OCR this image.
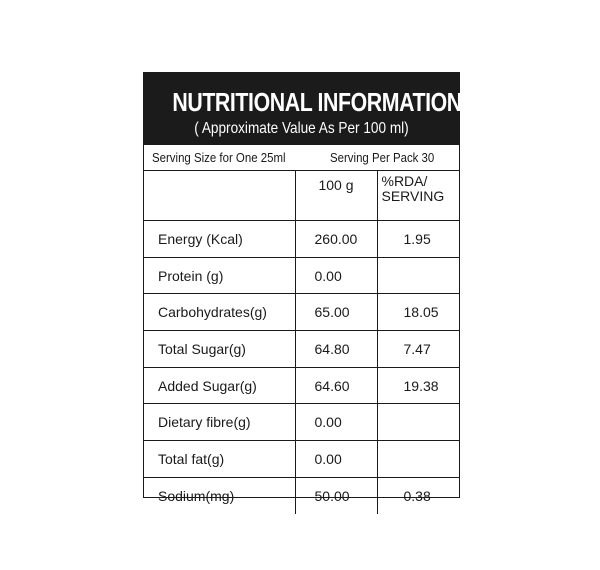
NUTRITIONAL INFORMATION
( Approximate Value As Per 100 ml)
Serving Size for One 25ml	Serving Per Pack 30
	100 g	%RDA/
SERVING

Energy (Kcal)	260.00	1.95
Protein (g)	0.00	
Carbohydrates(g)	65.00	18.05
Total Sugar(g)	64.80	7.47
Added Sugar(g)	64.60	19.38
Dietary fibre(g)	0.00	
Total fat(g)	0.00	
Sodium(mg)	50.00	0.38
